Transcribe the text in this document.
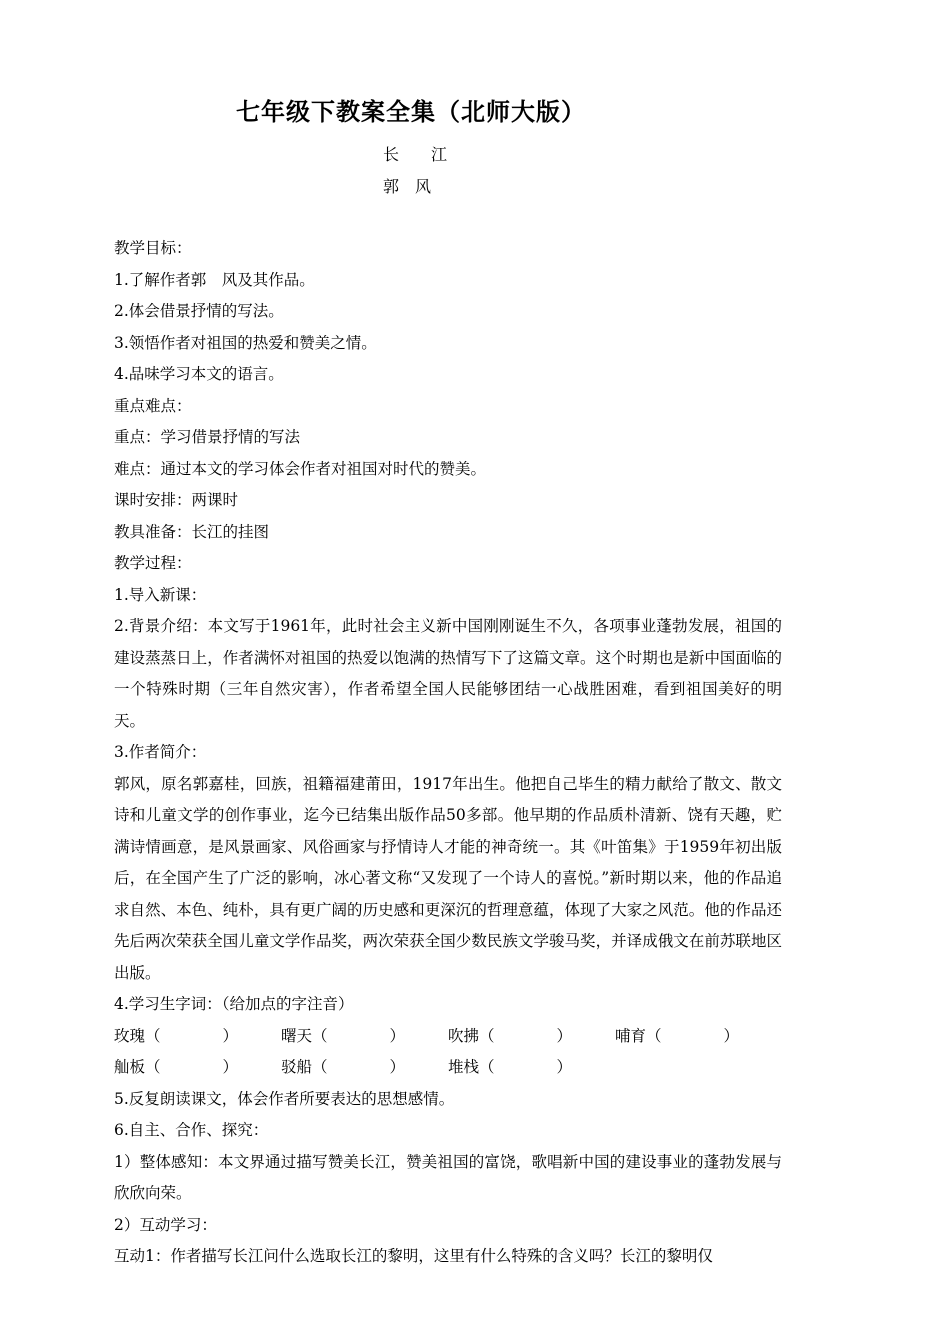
七年级下教案全集（北师大版）
长　　江
郭　风

教学目标：

1.了解作者郭　风及其作品。

2.体会借景抒情的写法。

3.领悟作者对祖国的热爱和赞美之情。

4.品味学习本文的语言。

重点难点：

重点：学习借景抒情的写法

难点：通过本文的学习体会作者对祖国对时代的赞美。

课时安排：两课时

教具准备：长江的挂图

教学过程：

1.导入新课：

2.背景介绍：本文写于1961年，此时社会主义新中国刚刚诞生不久，各项事业蓬勃发展，祖国的建设蒸蒸日上，作者满怀对祖国的热爱以饱满的热情写下了这篇文章。这个时期也是新中国面临的一个特殊时期（三年自然灾害），作者希望全国人民能够团结一心战胜困难，看到祖国美好的明天。

3.作者简介：

郭风，原名郭嘉桂，回族，祖籍福建莆田，1917年出生。他把自己毕生的精力献给了散文、散文诗和儿童文学的创作事业，迄今已结集出版作品50多部。他早期的作品质朴清新、饶有天趣，贮满诗情画意，是风景画家、风俗画家与抒情诗人才能的神奇统一。其《叶笛集》于1959年初出版后，在全国产生了广泛的影响，冰心著文称“又发现了一个诗人的喜悦。”新时期以来，他的作品追求自然、本色、纯朴，具有更广阔的历史感和更深沉的哲理意蕴，体现了大家之风范。他的作品还先后两次荣获全国儿童文学作品奖，两次荣获全国少数民族文学骏马奖，并译成俄文在前苏联地区出版。

4.学习生字词：（给加点的字注音）

玫瑰（　　　　）	曙天（　　　　）	吹拂（　　　　）	哺育（　　　　）
舢板（　　　　）	驳船（　　　　）	堆栈（　　　　）

5.反复朗读课文，体会作者所要表达的思想感情。

6.自主、合作、探究：

1）整体感知：本文界通过描写赞美长江，赞美祖国的富饶，歌唱新中国的建设事业的蓬勃发展与欣欣向荣。

2）互动学习：

互动1：作者描写长江问什么选取长江的黎明，这里有什么特殊的含义吗？长江的黎明仅
